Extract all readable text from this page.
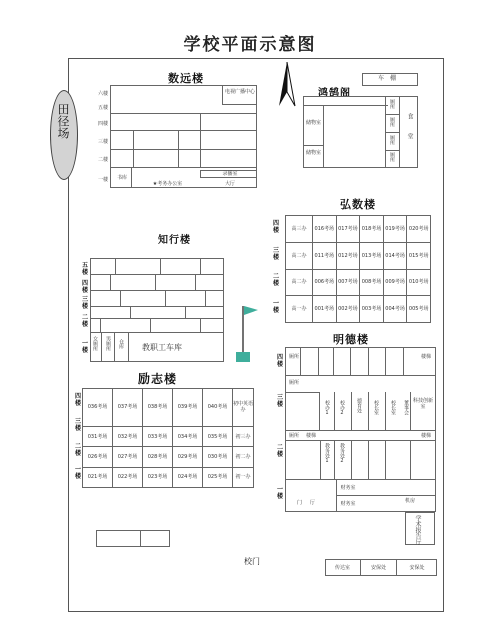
学校平面示意图
田径场
数远楼
六楼
五楼
四楼
三楼
二楼
一楼
电视广播中心
录播室
书库
★考务办公室	大厅
鸿鹄阁
车棚
储物室
储物室
厕所
厕所
厕所
厕所
食堂
弘数楼
四楼
三楼
二楼
一楼
高三办	016考场	017考场	018考场	019考场	020考场
高二办	011考场	012考场	013考场	014考场	015考场
高二办	006考场	007考场	008考场	009考场	010考场
高一办	001考场	002考场	003考场	004考场	005考场
知行楼
五楼
四楼
三楼
二楼
一楼 女厕所 男厕所 仓库	教职工车库
励志楼
四楼
三楼
二楼
一楼
036考场	037考场	038考场	039考场	040考场	初中英语办
031考场	032考场	033考场	034考场	035考场	初三办
026考场	027考场	028考场	029考场	030考场	初二办
021考场	022考场	023考场	024考场	025考场	初一办
明德楼
四楼
三楼
二楼
一楼
厕所	楼梯
厕所
校办1 校办2 德育处 校长室 校长室 董事会 科技创新室
厕所	楼梯	楼梯
教务处1 教务处2
门厅
财务室
财务室	机房
学术报告厅
校门
传达室	安保处	安保处
